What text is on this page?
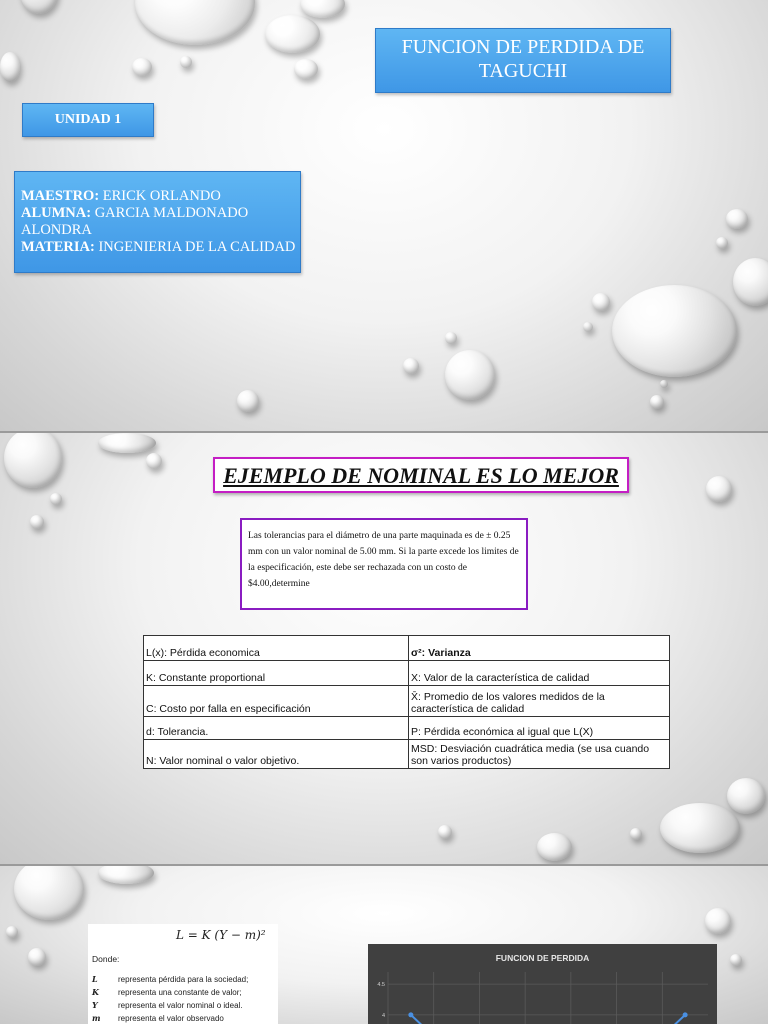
FUNCION DE PERDIDA DE TAGUCHI
UNIDAD 1
MAESTRO: ERICK ORLANDO
ALUMNA: GARCIA MALDONADO ALONDRA
MATERIA: INGENIERIA DE LA CALIDAD
EJEMPLO DE NOMINAL ES LO MEJOR
Las tolerancias para el diámetro de una parte maquinada es de ± 0.25 mm con un valor nominal de 5.00 mm. Si la parte excede los limites de la especificación, este debe ser rechazada con un costo de $4.00,determine
L(x): Pérdida economica	σ²: Varianza
K: Constante proportional	X: Valor de la característica de calidad
C: Costo por falla en especificación	X̄: Promedio de los valores medidos de la característica de calidad
d: Tolerancia.	P: Pérdida económica al igual que L(X)
N: Valor nominal o valor objetivo.	MSD: Desviación cuadrática media (se usa cuando son varios productos)
L = K (Y − m)²
Donde:
L	representa pérdida para la sociedad;
K representa una constante de valor;
Y	representa el valor nominal o ideal.
m representa el valor observado
FUNCION DE PERDIDA
4.5
4
